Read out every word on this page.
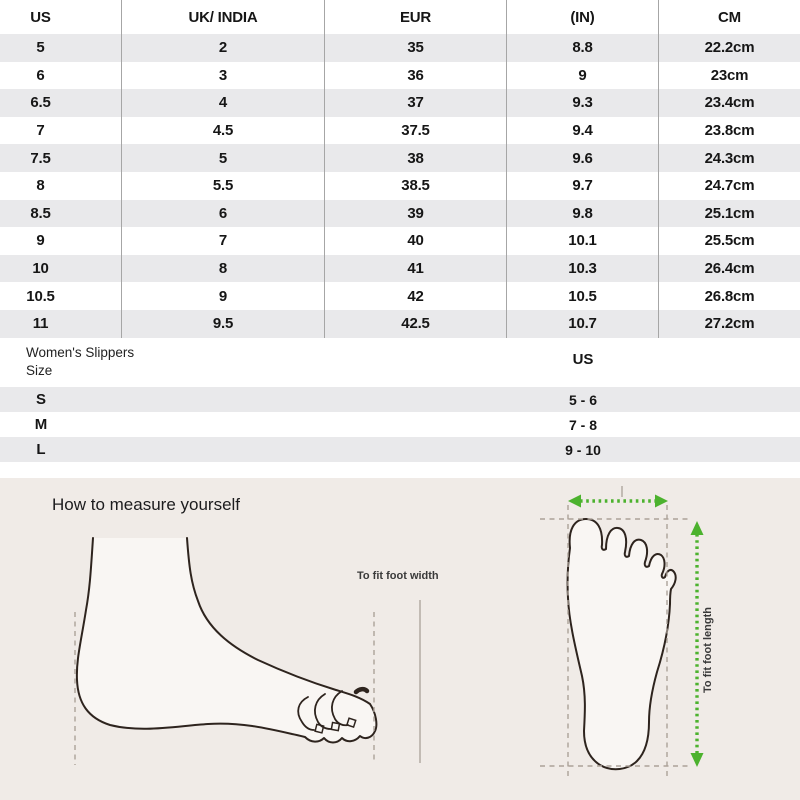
US	UK/ INDIA	EUR	(IN)	CM
5	2	35	8.8	22.2cm
6	3	36	9	23cm
6.5	4	37	9.3	23.4cm
7	4.5	37.5	9.4	23.8cm
7.5	5	38	9.6	24.3cm
8	5.5	38.5	9.7	24.7cm
8.5	6	39	9.8	25.1cm
9	7	40	10.1	25.5cm
10	8	41	10.3	26.4cm
10.5	9	42	10.5	26.8cm
11	9.5	42.5	10.7	27.2cm
Women's Slippers
Size
US
S	5 - 6
M	7 - 8
L	9 - 10
How to measure yourself
To fit foot width
To fit foot length
